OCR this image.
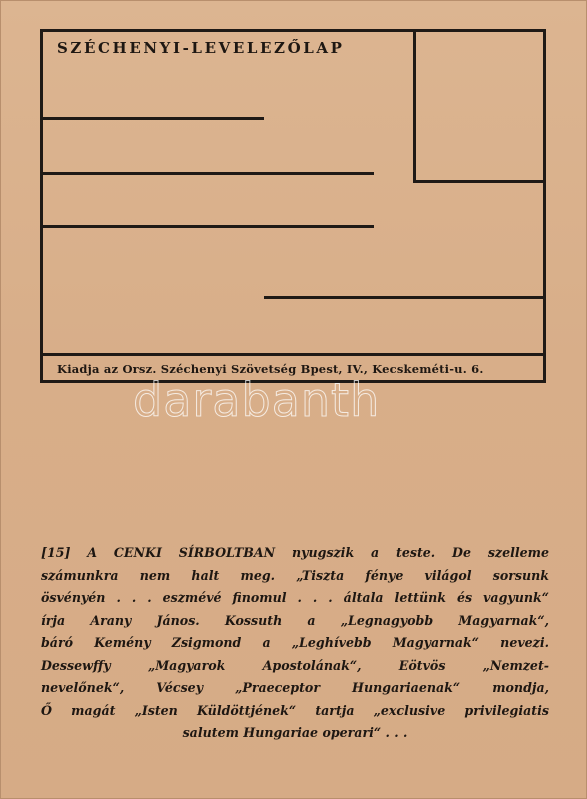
SZÉCHENYI-LEVELEZŐLAP
Kiadja az Orsz. Széchenyi Szövetség Bpest, IV., Kecskeméti-u. 6.
darabanth

[15] A CENKI SÍRBOLTBAN nyugszik a teste. De szelleme

számunkra nem halt meg. „Tiszta fénye világol sorsunk

ösvényén . . . eszmévé finomul . . . általa lettünk és vagyunk“

írja Arany János. Kossuth a „Legnagyobb Magyarnak“,

báró Kemény Zsigmond a „Leghívebb Magyarnak“ nevezi.

Dessewffy „Magyarok Apostolának“, Eötvös „Nemzet-

nevelőnek“, Vécsey „Praeceptor Hungariaenak“ mondja,

Ő magát „Isten Küldöttjének“ tartja „exclusive privilegiatis

salutem Hungariae operari“ . . .
